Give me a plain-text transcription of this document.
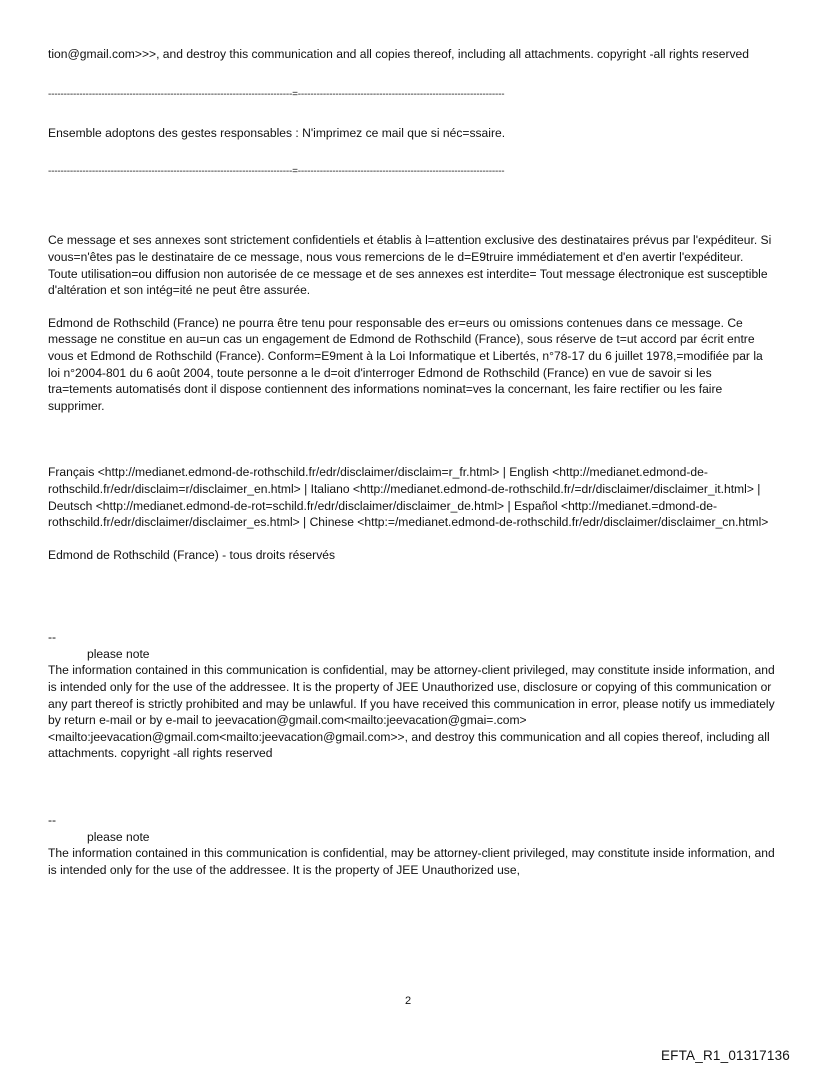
tion@gmail.com>>>, and destroy this communication and all copies thereof, including all attachments. copyright -all rights reserved

------------------------------------------------------------------------------=------------------------------------------------------------------

Ensemble adoptons des gestes responsables : N'imprimez ce mail que si néc=ssaire.

------------------------------------------------------------------------------=------------------------------------------------------------------

Ce message et ses annexes sont strictement confidentiels et établis à l=attention exclusive des destinataires prévus par l'expéditeur. Si vous=n'êtes pas le destinataire de ce message, nous vous remercions de le d=E9truire immédiatement et d'en avertir l'expéditeur. Toute utilisation=ou diffusion non autorisée de ce message et de ses annexes est interdite= Tout message électronique est susceptible d'altération et son intég=ité ne peut être assurée.

Edmond de Rothschild (France) ne pourra être tenu pour responsable des er=eurs ou omissions contenues dans ce message. Ce message ne constitue en au=un cas un engagement de Edmond de Rothschild (France), sous réserve de t=ut accord par écrit entre vous et Edmond de Rothschild (France). Conform=E9ment à la Loi Informatique et Libertés, n°78-17 du 6 juillet 1978,=modifiée par la loi n°2004-801 du 6 août 2004, toute personne a le d=oit d'interroger Edmond de Rothschild (France) en vue de savoir si les tra=tements automatisés dont il dispose contiennent des informations nominat=ves la concernant, les faire rectifier ou les faire supprimer.

Français <http://medianet.edmond-de-rothschild.fr/edr/disclaimer/disclaim=r_fr.html> | English <http://medianet.edmond-de-rothschild.fr/edr/disclaim=r/disclaimer_en.html> | Italiano <http://medianet.edmond-de-rothschild.fr/=dr/disclaimer/disclaimer_it.html> | Deutsch <http://medianet.edmond-de-rot=schild.fr/edr/disclaimer/disclaimer_de.html> | Español <http://medianet.=dmond-de-rothschild.fr/edr/disclaimer/disclaimer_es.html> | Chinese <http:=/medianet.edmond-de-rothschild.fr/edr/disclaimer/disclaimer_cn.html>

Edmond de Rothschild (France) - tous droits réservés

--

please note

The information contained in this communication is confidential, may be attorney-client privileged, may constitute inside information, and is intended only for the use of the addressee. It is the property of JEE Unauthorized use, disclosure or copying of this communication or any part thereof is strictly prohibited and may be unlawful. If you have received this communication in error, please notify us immediately by return e-mail or by e-mail to jeevacation@gmail.com<mailto:jeevacation@gmai=.com><mailto:jeevacation@gmail.com<mailto:jeevacation@gmail.com>>, and destroy this communication and all copies thereof, including all attachments. copyright -all rights reserved

--

please note

The information contained in this communication is confidential, may be attorney-client privileged, may constitute inside information, and is intended only for the use of the addressee. It is the property of JEE Unauthorized use,

2
EFTA_R1_01317136
